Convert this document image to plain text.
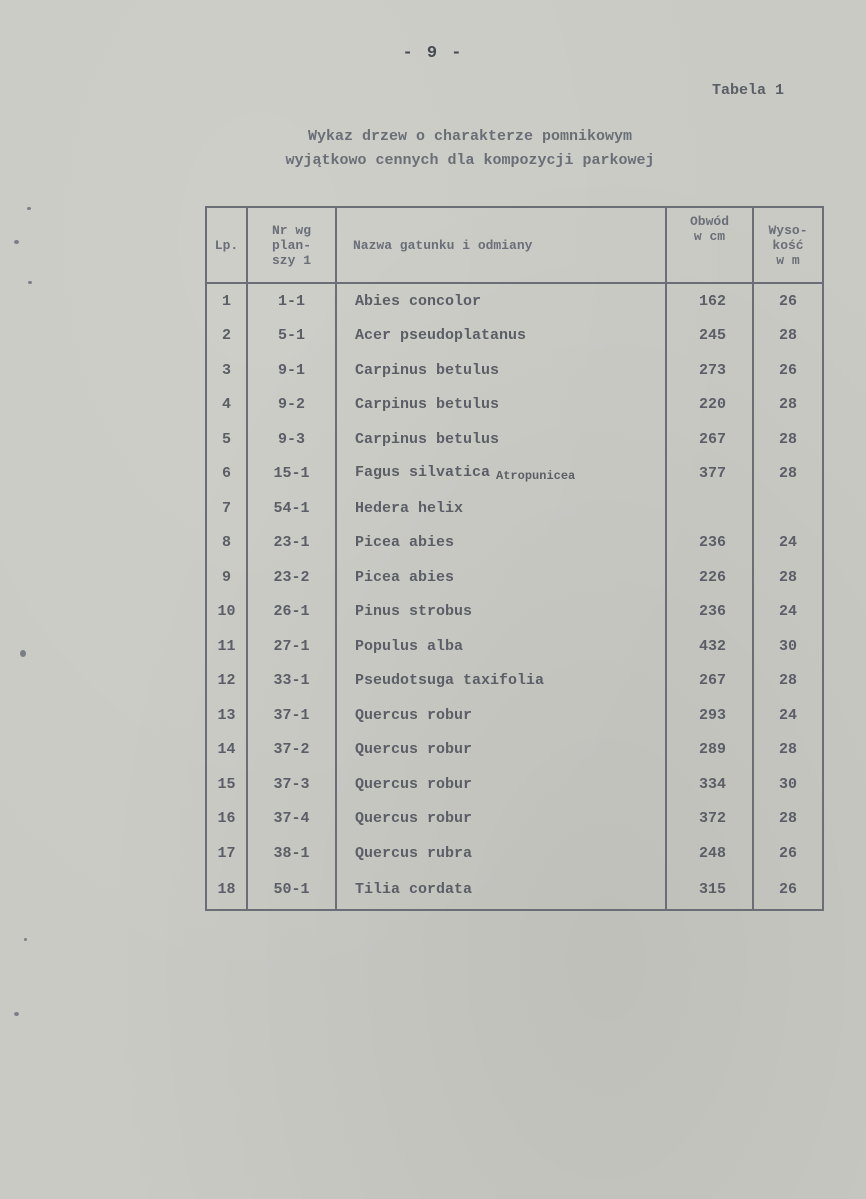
- 9 -
Tabela 1
Wykaz drzew o charakterze pomnikowym
wyjątkowo cennych dla kompozycji parkowej
Lp.	Nr wg
plan-
szy 1	Nazwa gatunku i odmiany	Obwód
w cm	Wyso-
kość
w m

1	1-1	Abies concolor	162	26
2	5-1	Acer pseudoplatanus	245	28
3	9-1	Carpinus betulus	273	26
4	9-2	Carpinus betulus	220	28
5	9-3	Carpinus betulus	267	28
6	15-1	Fagus silvatica $_{Atropunicea}$	377	28
7	54-1	Hedera helix		
8	23-1	Picea abies	236	24
9	23-2	Picea abies	226	28
10	26-1	Pinus strobus	236	24
11	27-1	Populus alba	432	30
12	33-1	Pseudotsuga taxifolia	267	28
13	37-1	Quercus robur	293	24
14	37-2	Quercus robur	289	28
15	37-3	Quercus robur	334	30
16	37-4	Quercus robur	372	28
17	38-1	Quercus rubra	248	26
18	50-1	Tilia cordata	315	26
